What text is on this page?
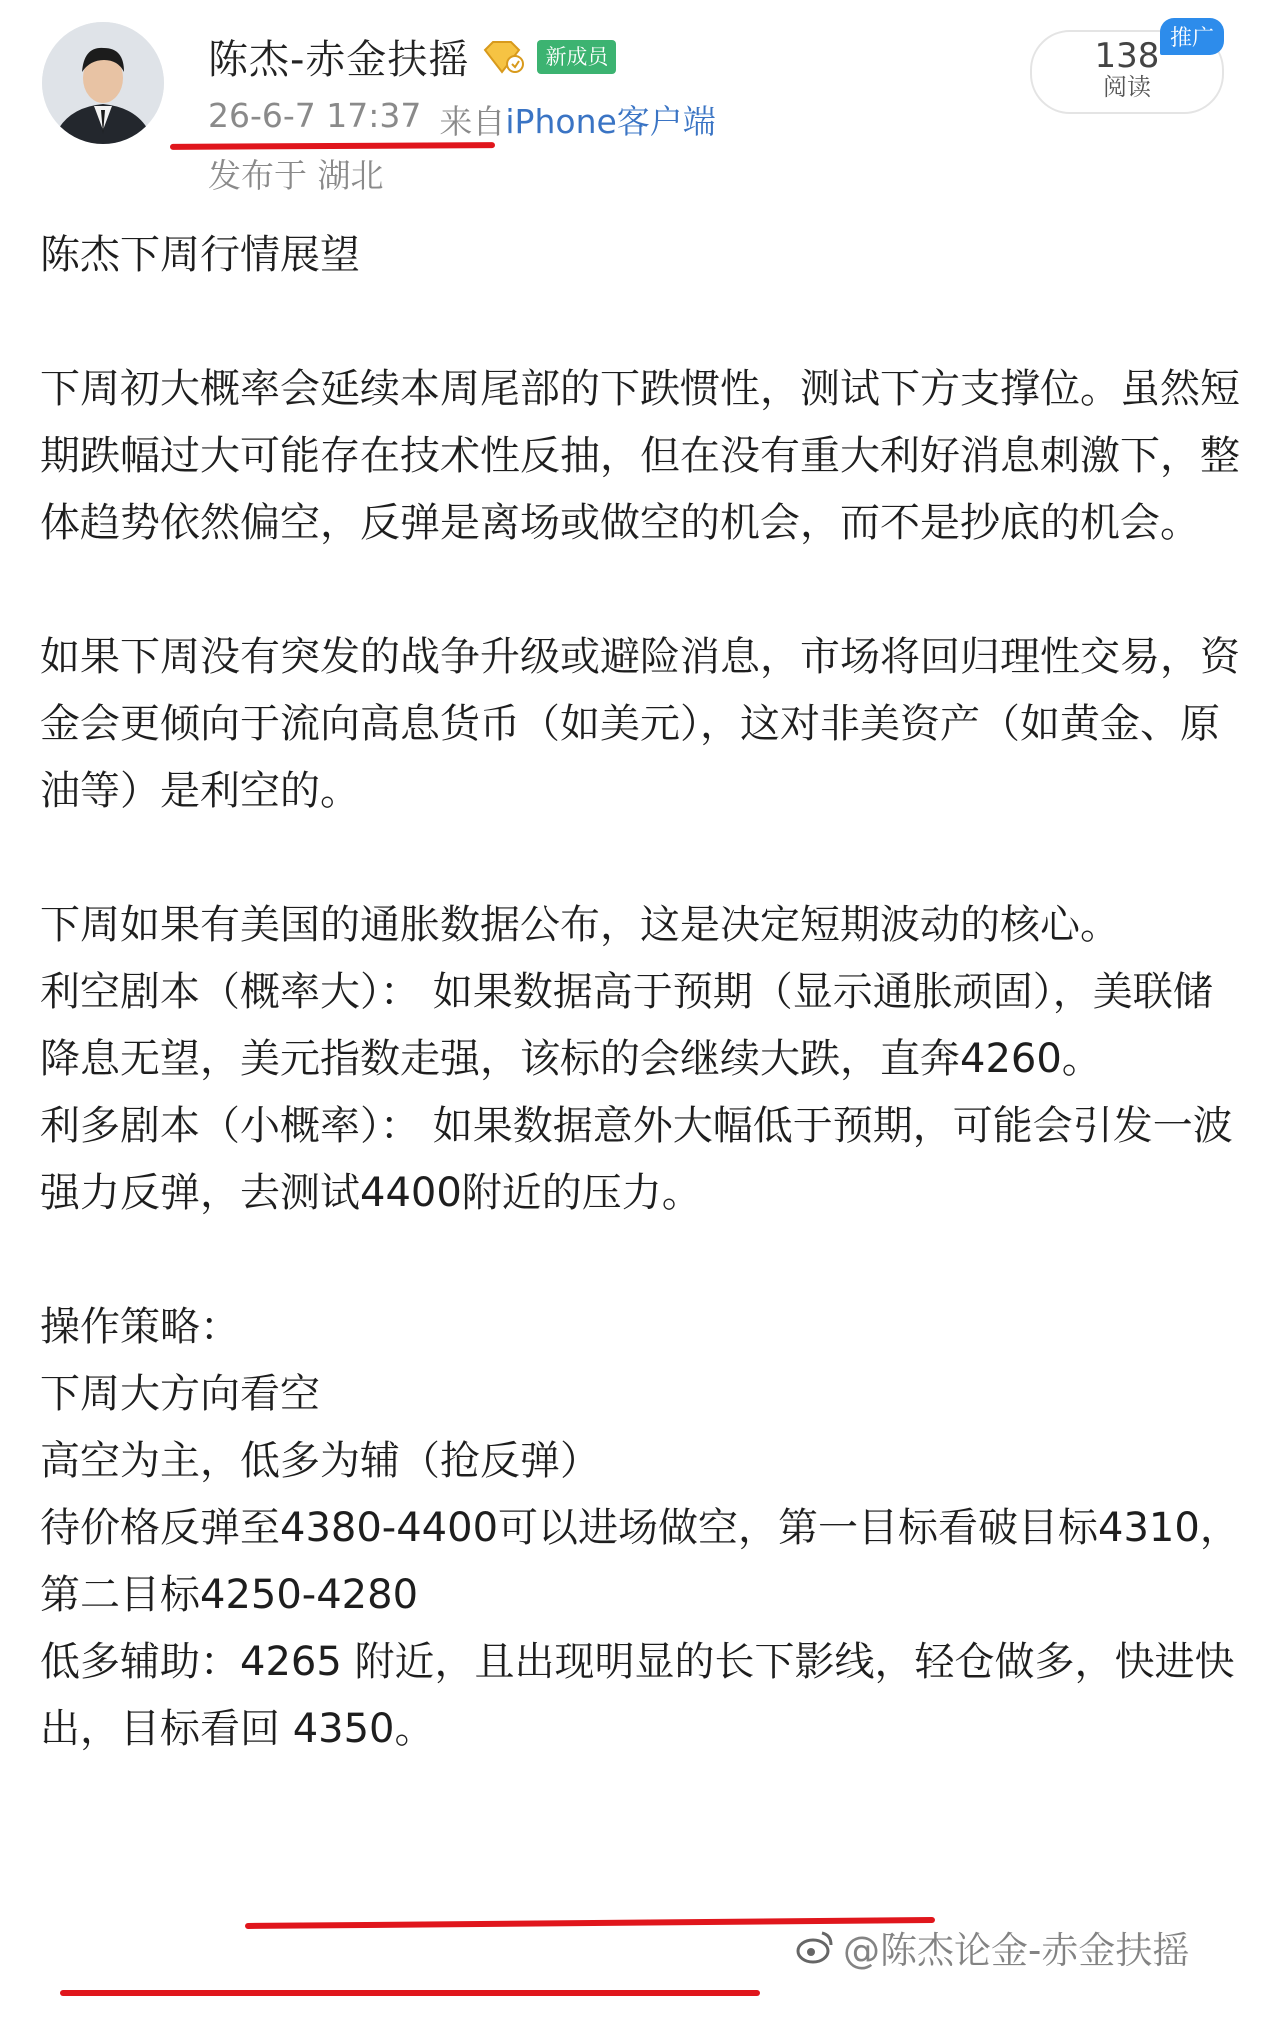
陈杰-赤金扶摇	新成员
26-6-7 17:37 来自iPhone客户端
发布于 湖北
138
阅读
推广

陈杰下周行情展望

下周初大概率会延续本周尾部的下跌惯性，测试下方支撑位。虽然短期跌幅过大可能存在技术性反抽，但在没有重大利好消息刺激下，整体趋势依然偏空，反弹是离场或做空的机会，而不是抄底的机会。

如果下周没有突发的战争升级或避险消息，市场将回归理性交易，资金会更倾向于流向高息货币（如美元），这对非美资产（如黄金、原油等）是利空的。

下周如果有美国的通胀数据公布，这是决定短期波动的核心。

利空剧本（概率大）： 如果数据高于预期（显示通胀顽固），美联储降息无望，美元指数走强，该标的会继续大跌，直奔4260。

利多剧本（小概率）： 如果数据意外大幅低于预期，可能会引发一波强力反弹，去测试4400附近的压力。

操作策略：

下周大方向看空

高空为主，低多为辅（抢反弹）

待价格反弹至4380-4400可以进场做空，第一目标看破目标4310，第二目标4250-4280

低多辅助：4265 附近，且出现明显的长下影线，轻仓做多，快进快出，目标看回 4350。

@陈杰论金-赤金扶摇
